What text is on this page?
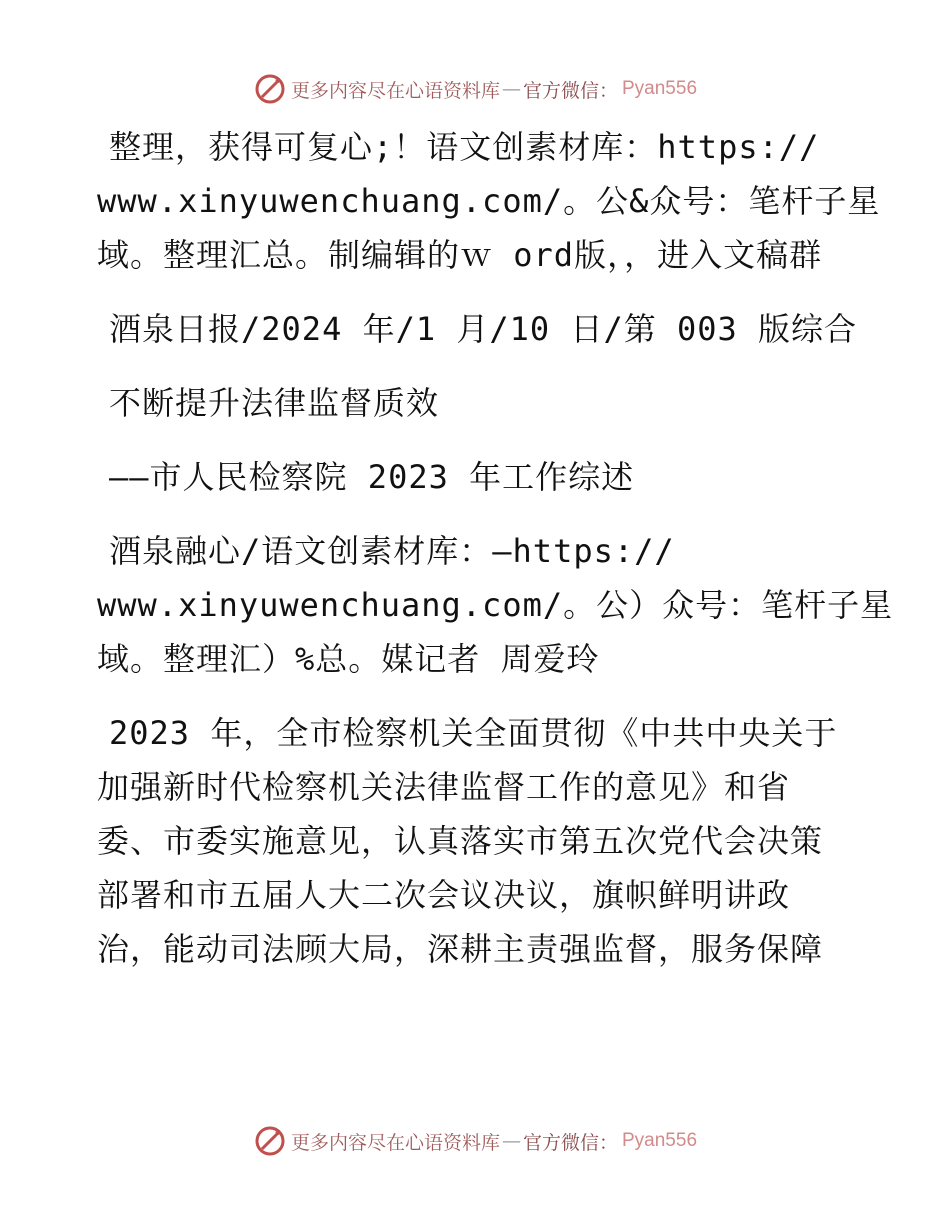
更多内容尽在心语资料库 — 官方微信： Pyan556
整理，获得可复心;！语文创素材库：https://
www.xinyuwenchuang.com/。公&众号：笔杆子星
域。整理汇总。制编辑的ｗ ord版，，进入文稿群
酒泉日报/2024 年/1 月/10 日/第 003 版综合
不断提升法律监督质效
——市人民检察院 2023 年工作综述
酒泉融心/语文创素材库：—https://
www.xinyuwenchuang.com/。公）众号：笔杆子星
域。整理汇）%总。媒记者 周爱玲
2023 年，全市检察机关全面贯彻《中共中央关于
加强新时代检察机关法律监督工作的意见》和省
委、市委实施意见，认真落实市第五次党代会决策
部署和市五届人大二次会议决议，旗帜鲜明讲政
治，能动司法顾大局，深耕主责强监督，服务保障
更多内容尽在心语资料库 — 官方微信： Pyan556
